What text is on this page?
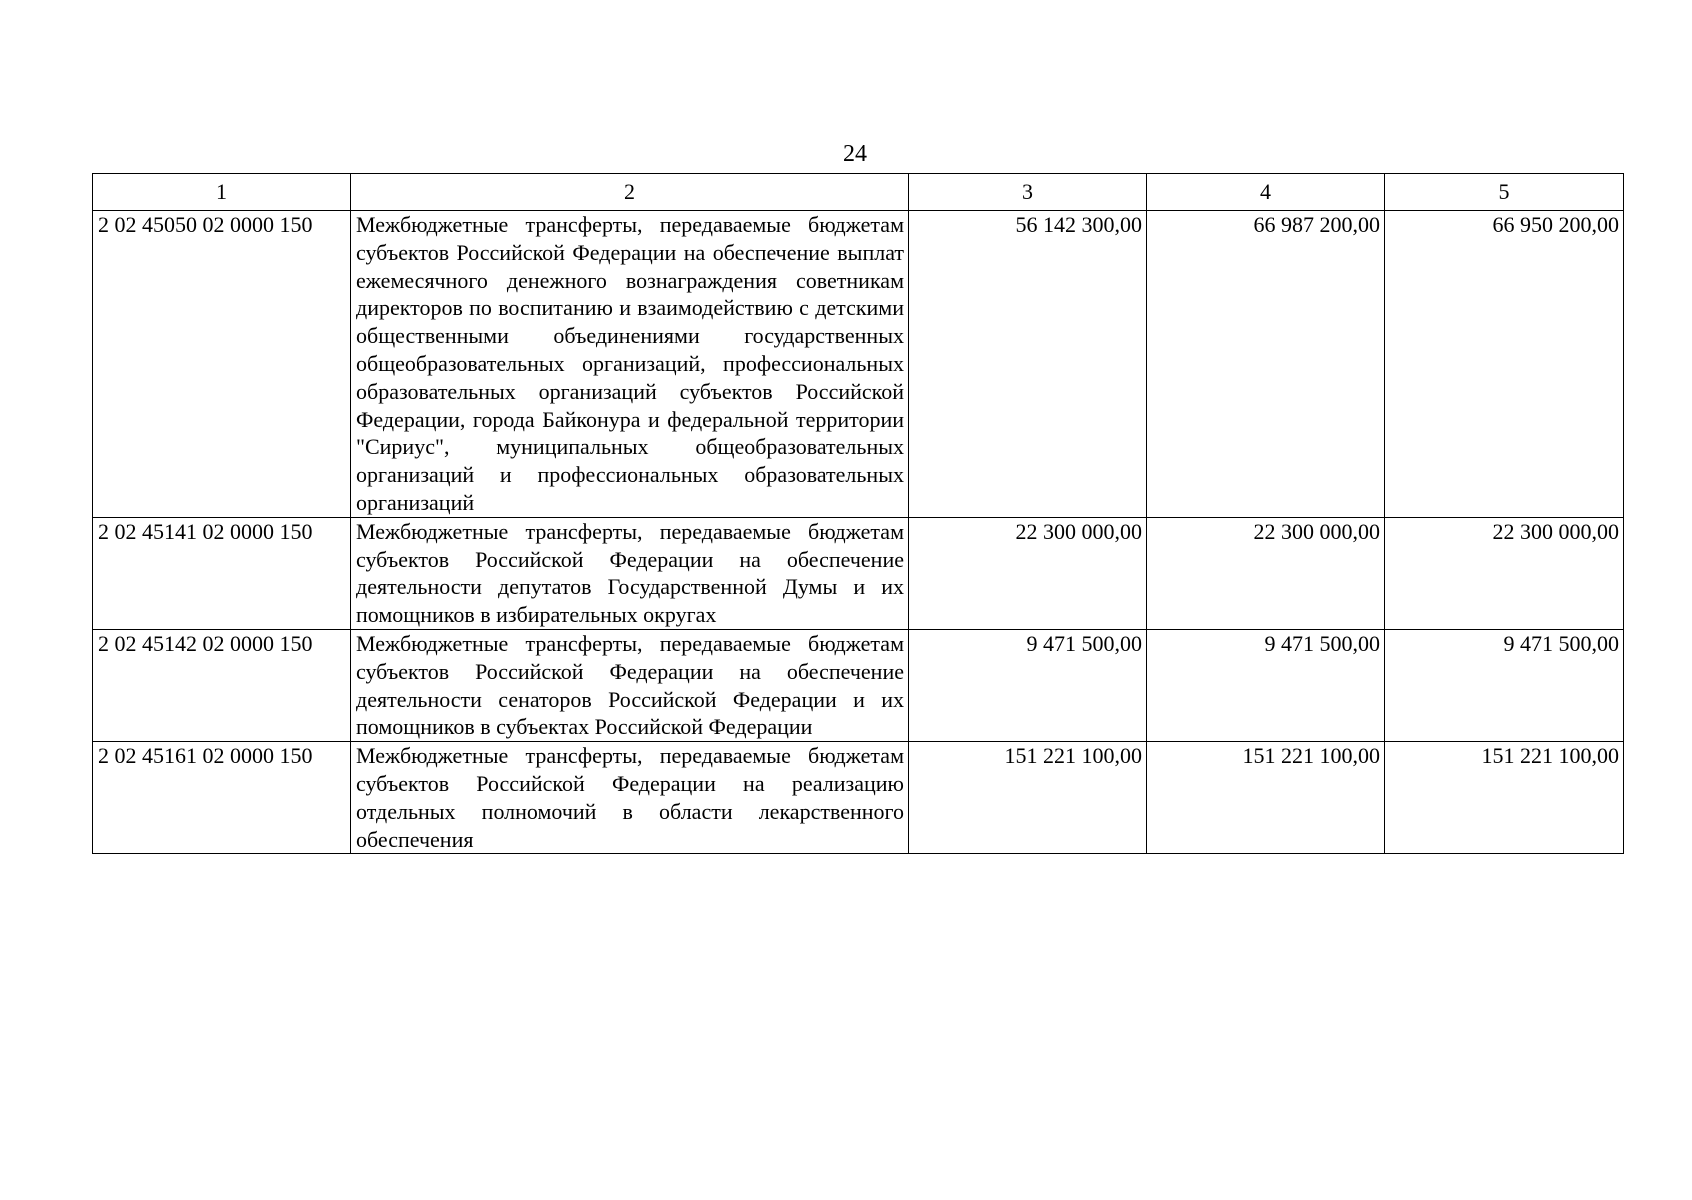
24
1	2	3	4	5
2 02 45050 02 0000 150	Межбюджетные трансферты, передаваемые бюджетам субъектов Российской Федерации на обеспечение выплат ежемесячного денежного вознаграждения советникам директоров по воспитанию и взаимодействию с детскими общественными объединениями государственных общеобразовательных организаций, профессиональных образовательных организаций субъектов Российской Федерации, города Байконура и федеральной территории "Сириус", муниципальных общеобразовательных организаций и профессиональных образовательных организаций	56 142 300,00	66 987 200,00	66 950 200,00
2 02 45141 02 0000 150	Межбюджетные трансферты, передаваемые бюджетам субъектов Российской Федерации на обеспечение деятельности депутатов Государственной Думы и их помощников в избирательных округах	22 300 000,00	22 300 000,00	22 300 000,00
2 02 45142 02 0000 150	Межбюджетные трансферты, передаваемые бюджетам субъектов Российской Федерации на обеспечение деятельности сенаторов Российской Федерации и их помощников в субъектах Российской Федерации	9 471 500,00	9 471 500,00	9 471 500,00
2 02 45161 02 0000 150	Межбюджетные трансферты, передаваемые бюджетам субъектов Российской Федерации на реализацию отдельных полномочий в области лекарственного обеспечения	151 221 100,00	151 221 100,00	151 221 100,00
